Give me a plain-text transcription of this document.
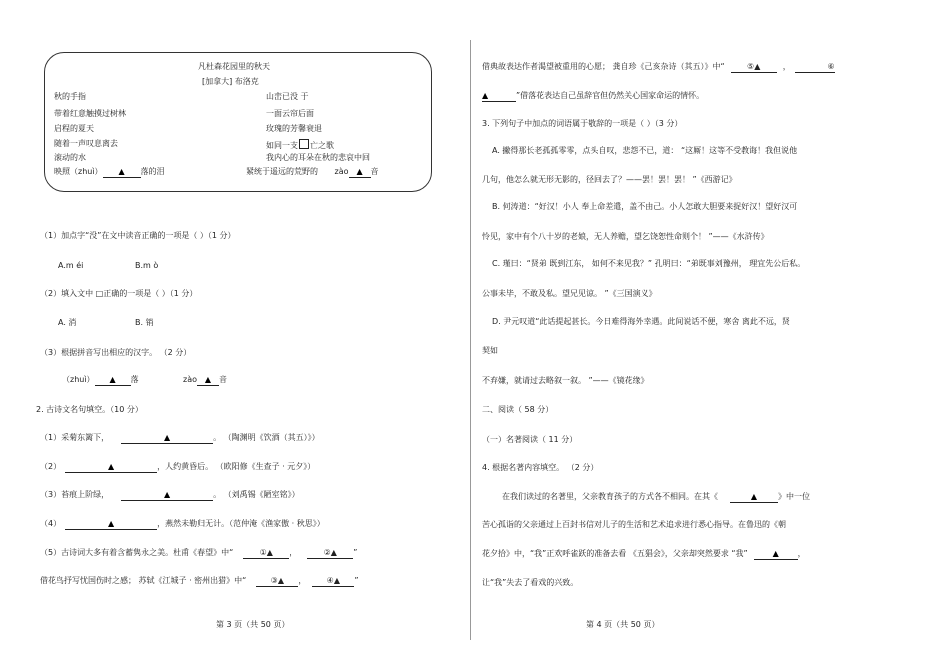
凡杜森花园里的秋天
[加拿大] 布洛克
秋的手指
带着红意触摸过树林
启程的夏天
随着一声叹息离去
滚动的水
映照（zhuì） ▲ 落的泪
山峦已没 于
一面云帘后面
玫瑰的芳馨衰退
如同一支 亡之歌
我内心的耳朵在秋的悲哀中回
紧统于遥远的荒野的 zào ▲ 音
（1）加点字“没”在文中读音正确的一项是（ ）（1 分）
A.m éi	B.m ò
（2）填入文中 □正确的一项是（ ）（1 分）
A. 消	B. 销
（3）根据拼音写出相应的汉字。 （2 分）
（zhuì） ▲ 落	zào ▲ 音
2. 古诗文名句填空。（10 分）
（1）采菊东篱下，	▲	。 （陶渊明《饮酒（其五）》）
（2）	▲	，人约黄昏后。 （欧阳修《生查子 · 元夕》）
（3）苔痕上阶绿，	▲	。 （刘禹锡《陋室铭》）
（4）	▲	，燕然未勒归无计。（范仲淹《渔家傲 · 秋思》）
（5）古诗词大多有着含蓄隽永之美。杜甫《春望》中“	①▲ ，	②▲ ”
借花鸟抒写忧国伤时之感； 苏轼《江城子 · 密州出猎》中“	③▲ ，	④▲ ”
第 3 页（共 50 页）
借典故表达作者渴望被重用的心愿； 龚自珍《己亥杂诗（其五）》中“	⑤▲	，	⑥
▲	”借落花表达自己虽辞官但仍然关心国家命运的情怀。
3. 下列句子中加点的词语属于敬辞的一项是（ ）（3 分）
A. 撇得那长老孤孤零零，点头自叹，悲怨不已，道： “这厮！这等不受教诲！我但说他
几句，他怎么就无形无影的，径回去了？——罢！罢！罢！ ”《西游记》
B. 何涛道：“好汉！小人 奉上命差遣，盖不由己。小人怎敢大胆要来捉好汉！望好汉可
怜见，家中有个八十岁的老娘，无人养赡，望乞饶恕性命则个！ ”——《水浒传》
C. 瑾曰：“贤弟 既到江东， 如何不来见我？” 孔明曰：“弟既事刘豫州， 理宜先公后私。
公事未毕，不敢及私。望兄见谅。 ”《三国演义》
D. 尹元叹道“此话提起甚长。今日难得海外幸遇。此间说话不便，寒舍 离此不远，贤
契如
不弃嫌，就请过去略叙一叙。 ”——《镜花缘》
二、阅读（ 58 分）
（一）名著阅读（ 11 分）
4. 根据名著内容填空。 （2 分）
在我们读过的名著里，父亲教育孩子的方式各不相同。在其《	▲	》中一位
苦心孤诣的父亲通过上百封书信对儿子的生活和艺术追求进行悉心指导。在鲁迅的《朝
花夕拾》中，“我”正欢呼雀跃的准备去看 《五猖会》，父亲却突然要求 “我”	▲ ，
让“我”失去了看戏的兴致。
第 4 页（共 50 页）
